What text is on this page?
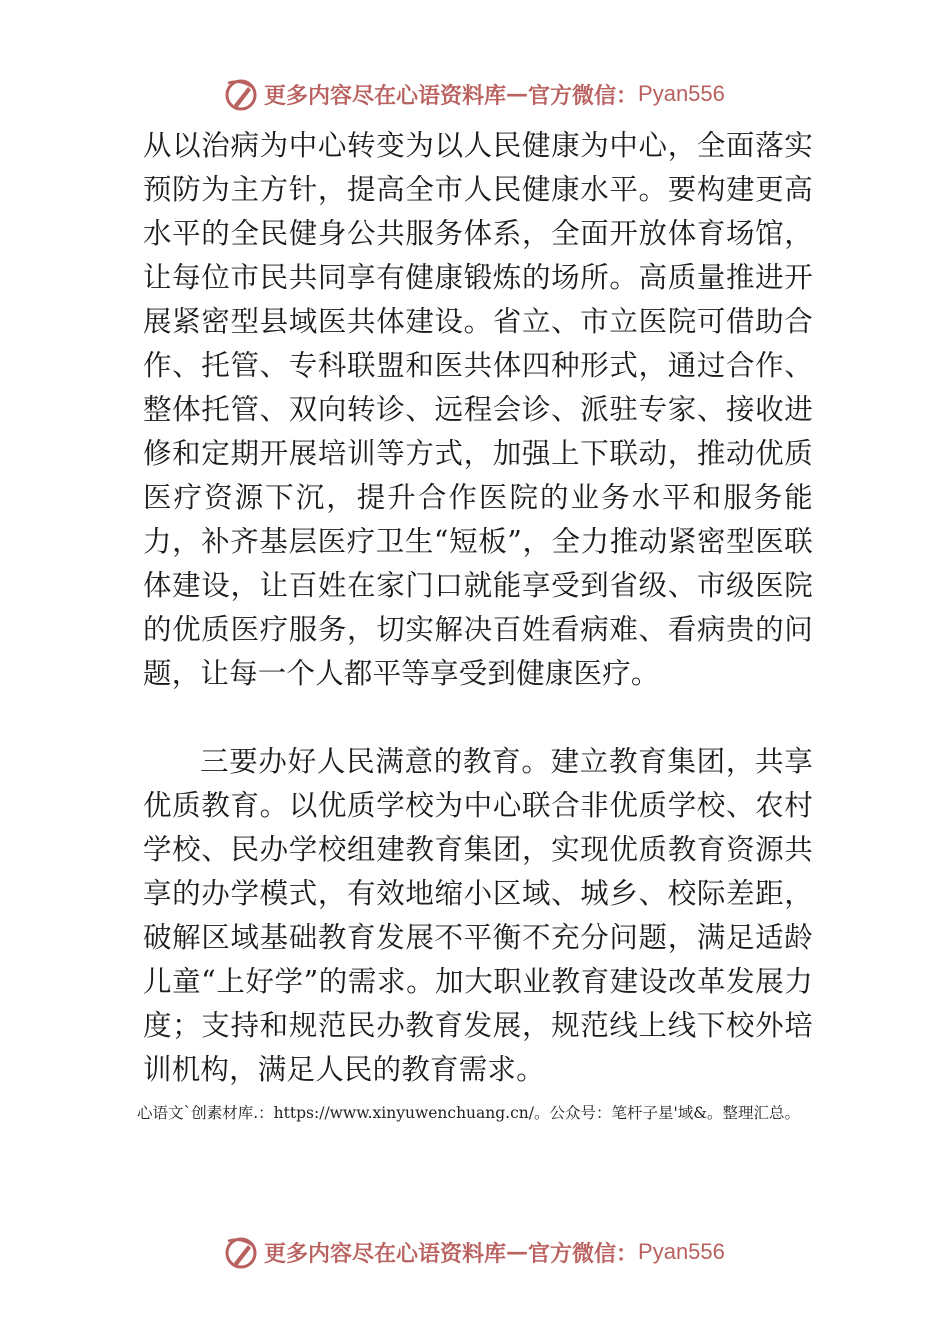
更多内容尽在心语资料库 — 官方微信： Pyan556

从以治病为中心转变为以人民健康为中心，全面落实预防为主方针，提高全市人民健康水平。要构建更高水平的全民健身公共服务体系，全面开放体育场馆，让每位市民共同享有健康锻炼的场所。高质量推进开展紧密型县域医共体建设。省立、市立医院可借助合作、托管、专科联盟和医共体四种形式，通过合作、整体托管、双向转诊、远程会诊、派驻专家、接收进修和定期开展培训等方式，加强上下联动，推动优质医疗资源下沉，提升合作医院的业务水平和服务能力，补齐基层医疗卫生“短板”，全力推动紧密型医联体建设，让百姓在家门口就能享受到省级、市级医院的优质医疗服务，切实解决百姓看病难、看病贵的问题，让每一个人都平等享受到健康医疗。

三要办好人民满意的教育。建立教育集团，共享优质教育。以优质学校为中心联合非优质学校、农村学校、民办学校组建教育集团，实现优质教育资源共享的办学模式，有效地缩小区域、城乡、校际差距，破解区域基础教育发展不平衡不充分问题，满足适龄儿童“上好学”的需求。加大职业教育建设改革发展力度；支持和规范民办教育发展，规范线上线下校外培训机构，满足人民的教育需求。

心语文`创素材库.：https://www.xinyuwenchuang.cn/。公众号：笔杆子星'域&。整理汇总。
更多内容尽在心语资料库 — 官方微信： Pyan556
